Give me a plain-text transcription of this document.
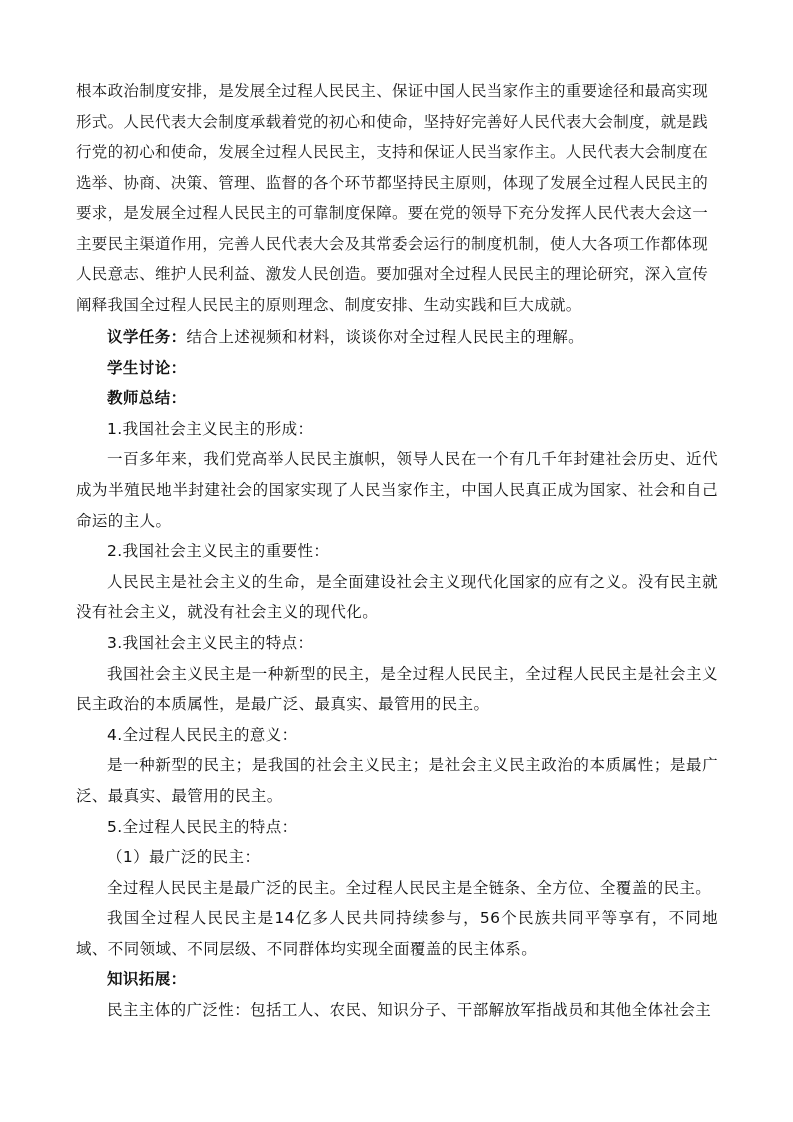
根本政治制度安排，是发展全过程人民民主、保证中国人民当家作主的重要途径和最高实现
形式。人民代表大会制度承载着党的初心和使命，坚持好完善好人民代表大会制度，就是践
行党的初心和使命，发展全过程人民民主，支持和保证人民当家作主。人民代表大会制度在
选举、协商、决策、管理、监督的各个环节都坚持民主原则，体现了发展全过程人民民主的
要求，是发展全过程人民民主的可靠制度保障。要在党的领导下充分发挥人民代表大会这一
主要民主渠道作用，完善人民代表大会及其常委会运行的制度机制，使人大各项工作都体现
人民意志、维护人民利益、激发人民创造。要加强对全过程人民民主的理论研究，深入宣传
阐释我国全过程人民民主的原则理念、制度安排、生动实践和巨大成就。
议学任务：结合上述视频和材料，谈谈你对全过程人民民主的理解。
学生讨论：
教师总结：
1.我国社会主义民主的形成：
一百多年来，我们党高举人民民主旗帜，领导人民在一个有几千年封建社会历史、近代成为半殖民地半封建社会的国家实现了人民当家作主，中国人民真正成为国家、社会和自己命运的主人。
2.我国社会主义民主的重要性：
人民民主是社会主义的生命，是全面建设社会主义现代化国家的应有之义。没有民主就没有社会主义，就没有社会主义的现代化。
3.我国社会主义民主的特点：
我国社会主义民主是一种新型的民主，是全过程人民民主，全过程人民民主是社会主义民主政治的本质属性，是最广泛、最真实、最管用的民主。
4.全过程人民民主的意义：
是一种新型的民主；是我国的社会主义民主；是社会主义民主政治的本质属性；是最广泛、最真实、最管用的民主。
5.全过程人民民主的特点：
（1）最广泛的民主：
全过程人民民主是最广泛的民主。全过程人民民主是全链条、全方位、全覆盖的民主。
我国全过程人民民主是14亿多人民共同持续参与，56个民族共同平等享有，不同地域、不同领域、不同层级、不同群体均实现全面覆盖的民主体系。
知识拓展：
民主主体的广泛性：包括工人、农民、知识分子、干部解放军指战员和其他全体社会主
